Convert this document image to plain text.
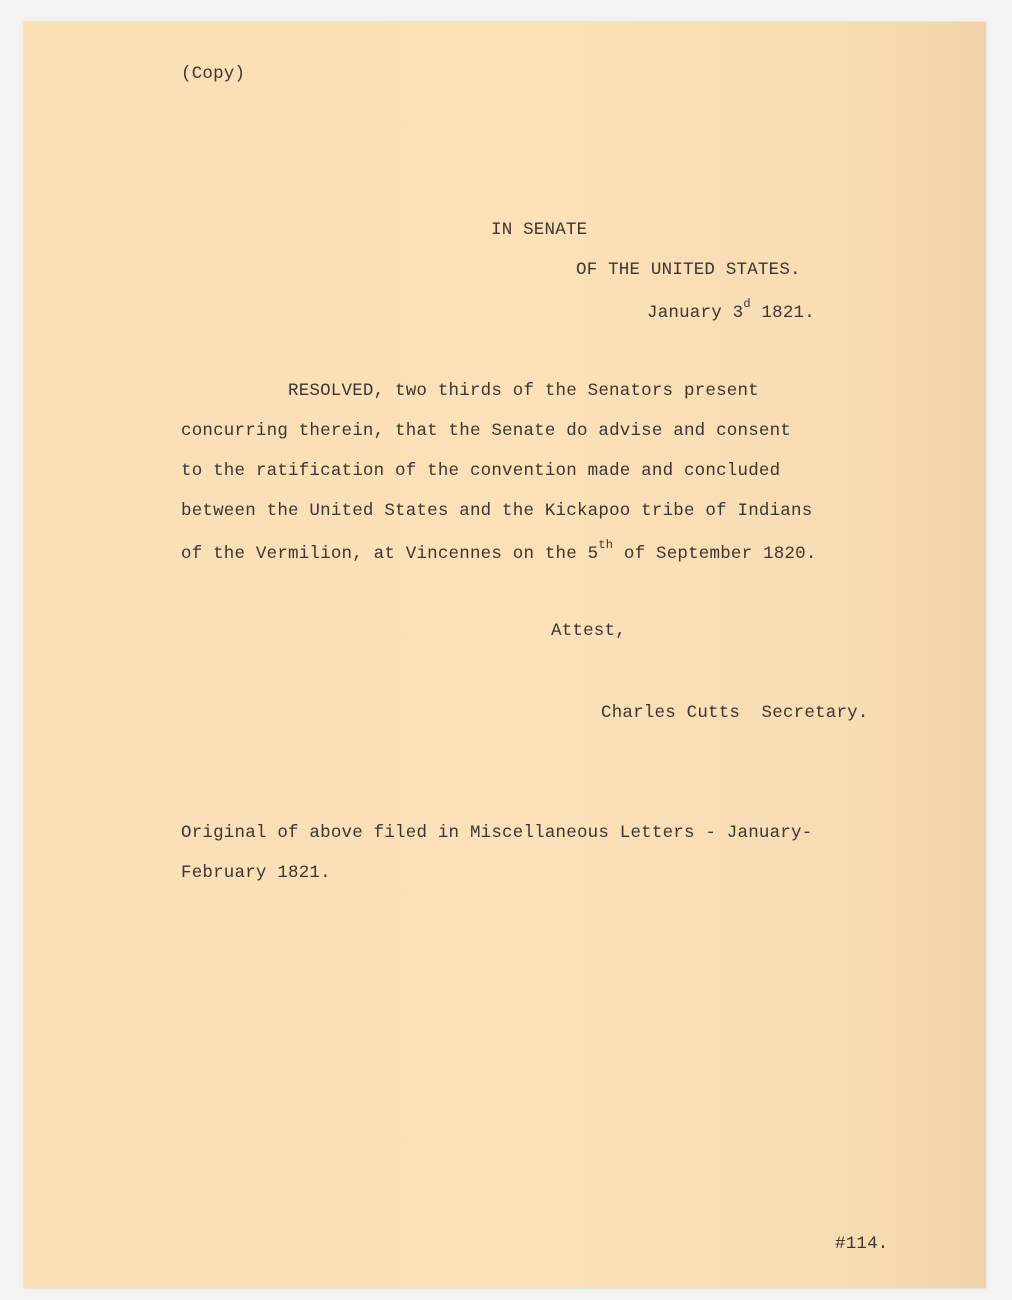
(Copy)
IN SENATE
OF THE UNITED STATES.
January 3$^d$ 1821.
RESOLVED, two thirds of the Senators present
concurring therein, that the Senate do advise and consent
to the ratification of the convention made and concluded
between the United States and the Kickapoo tribe of Indians
of the Vermilion, at Vincennes on the 5th of September 1820.
Attest,
Charles Cutts  Secretary.
Original of above filed in Miscellaneous Letters - January-
February 1821.
#114.
